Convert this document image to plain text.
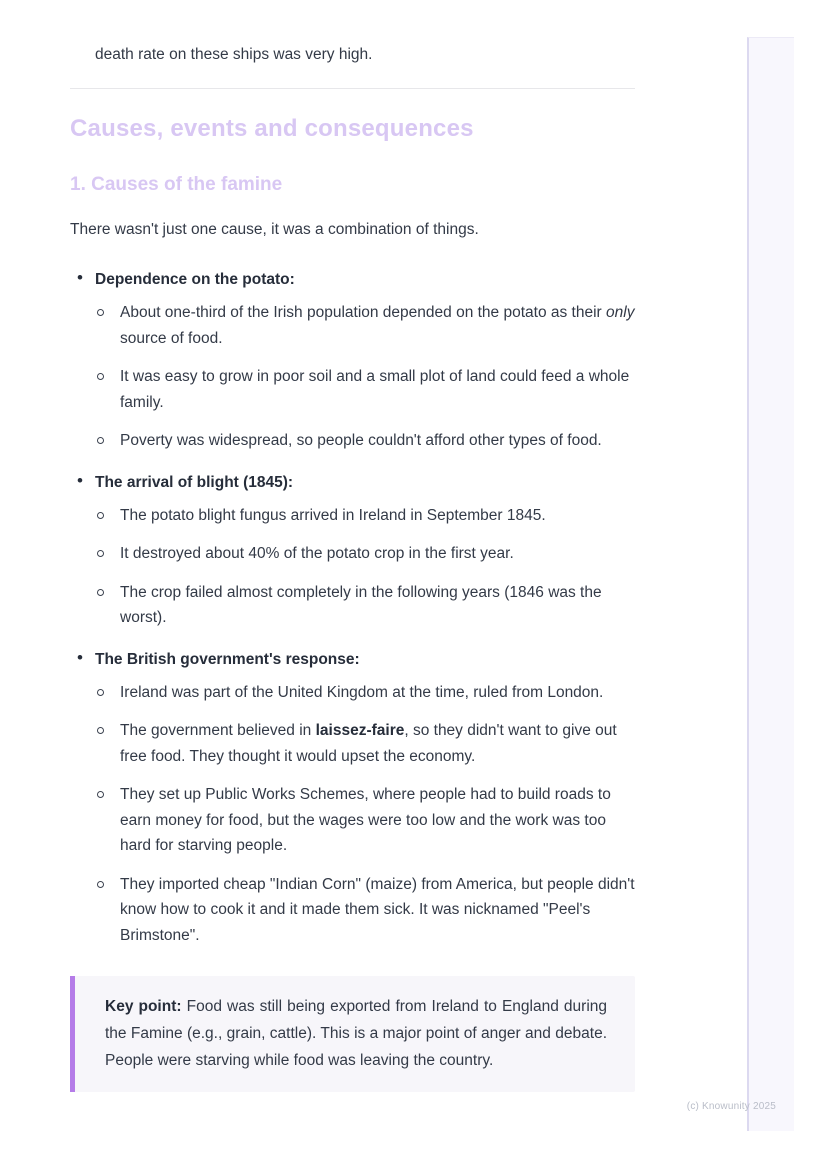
death rate on these ships was very high.

Causes, events and consequences
1. Causes of the famine

There wasn't just one cause, it was a combination of things.

• Dependence on the potato:
About one-third of the Irish population depended on the potato as their only source of food.
It was easy to grow in poor soil and a small plot of land could feed a whole family.
Poverty was widespread, so people couldn't afford other types of food.
• The arrival of blight (1845):
The potato blight fungus arrived in Ireland in September 1845.
It destroyed about 40% of the potato crop in the first year.
The crop failed almost completely in the following years (1846 was the worst).
• The British government's response:
Ireland was part of the United Kingdom at the time, ruled from London.
The government believed in laissez-faire, so they didn't want to give out free food. They thought it would upset the economy.
They set up Public Works Schemes, where people had to build roads to earn money for food, but the wages were too low and the work was too hard for starving people.
They imported cheap "Indian Corn" (maize) from America, but people didn't know how to cook it and it made them sick. It was nicknamed "Peel's Brimstone".

Key point: Food was still being exported from Ireland to England during the Famine (e.g., grain, cattle). This is a major point of anger and debate. People were starving while food was leaving the country.

(c) Knowunity 2025
